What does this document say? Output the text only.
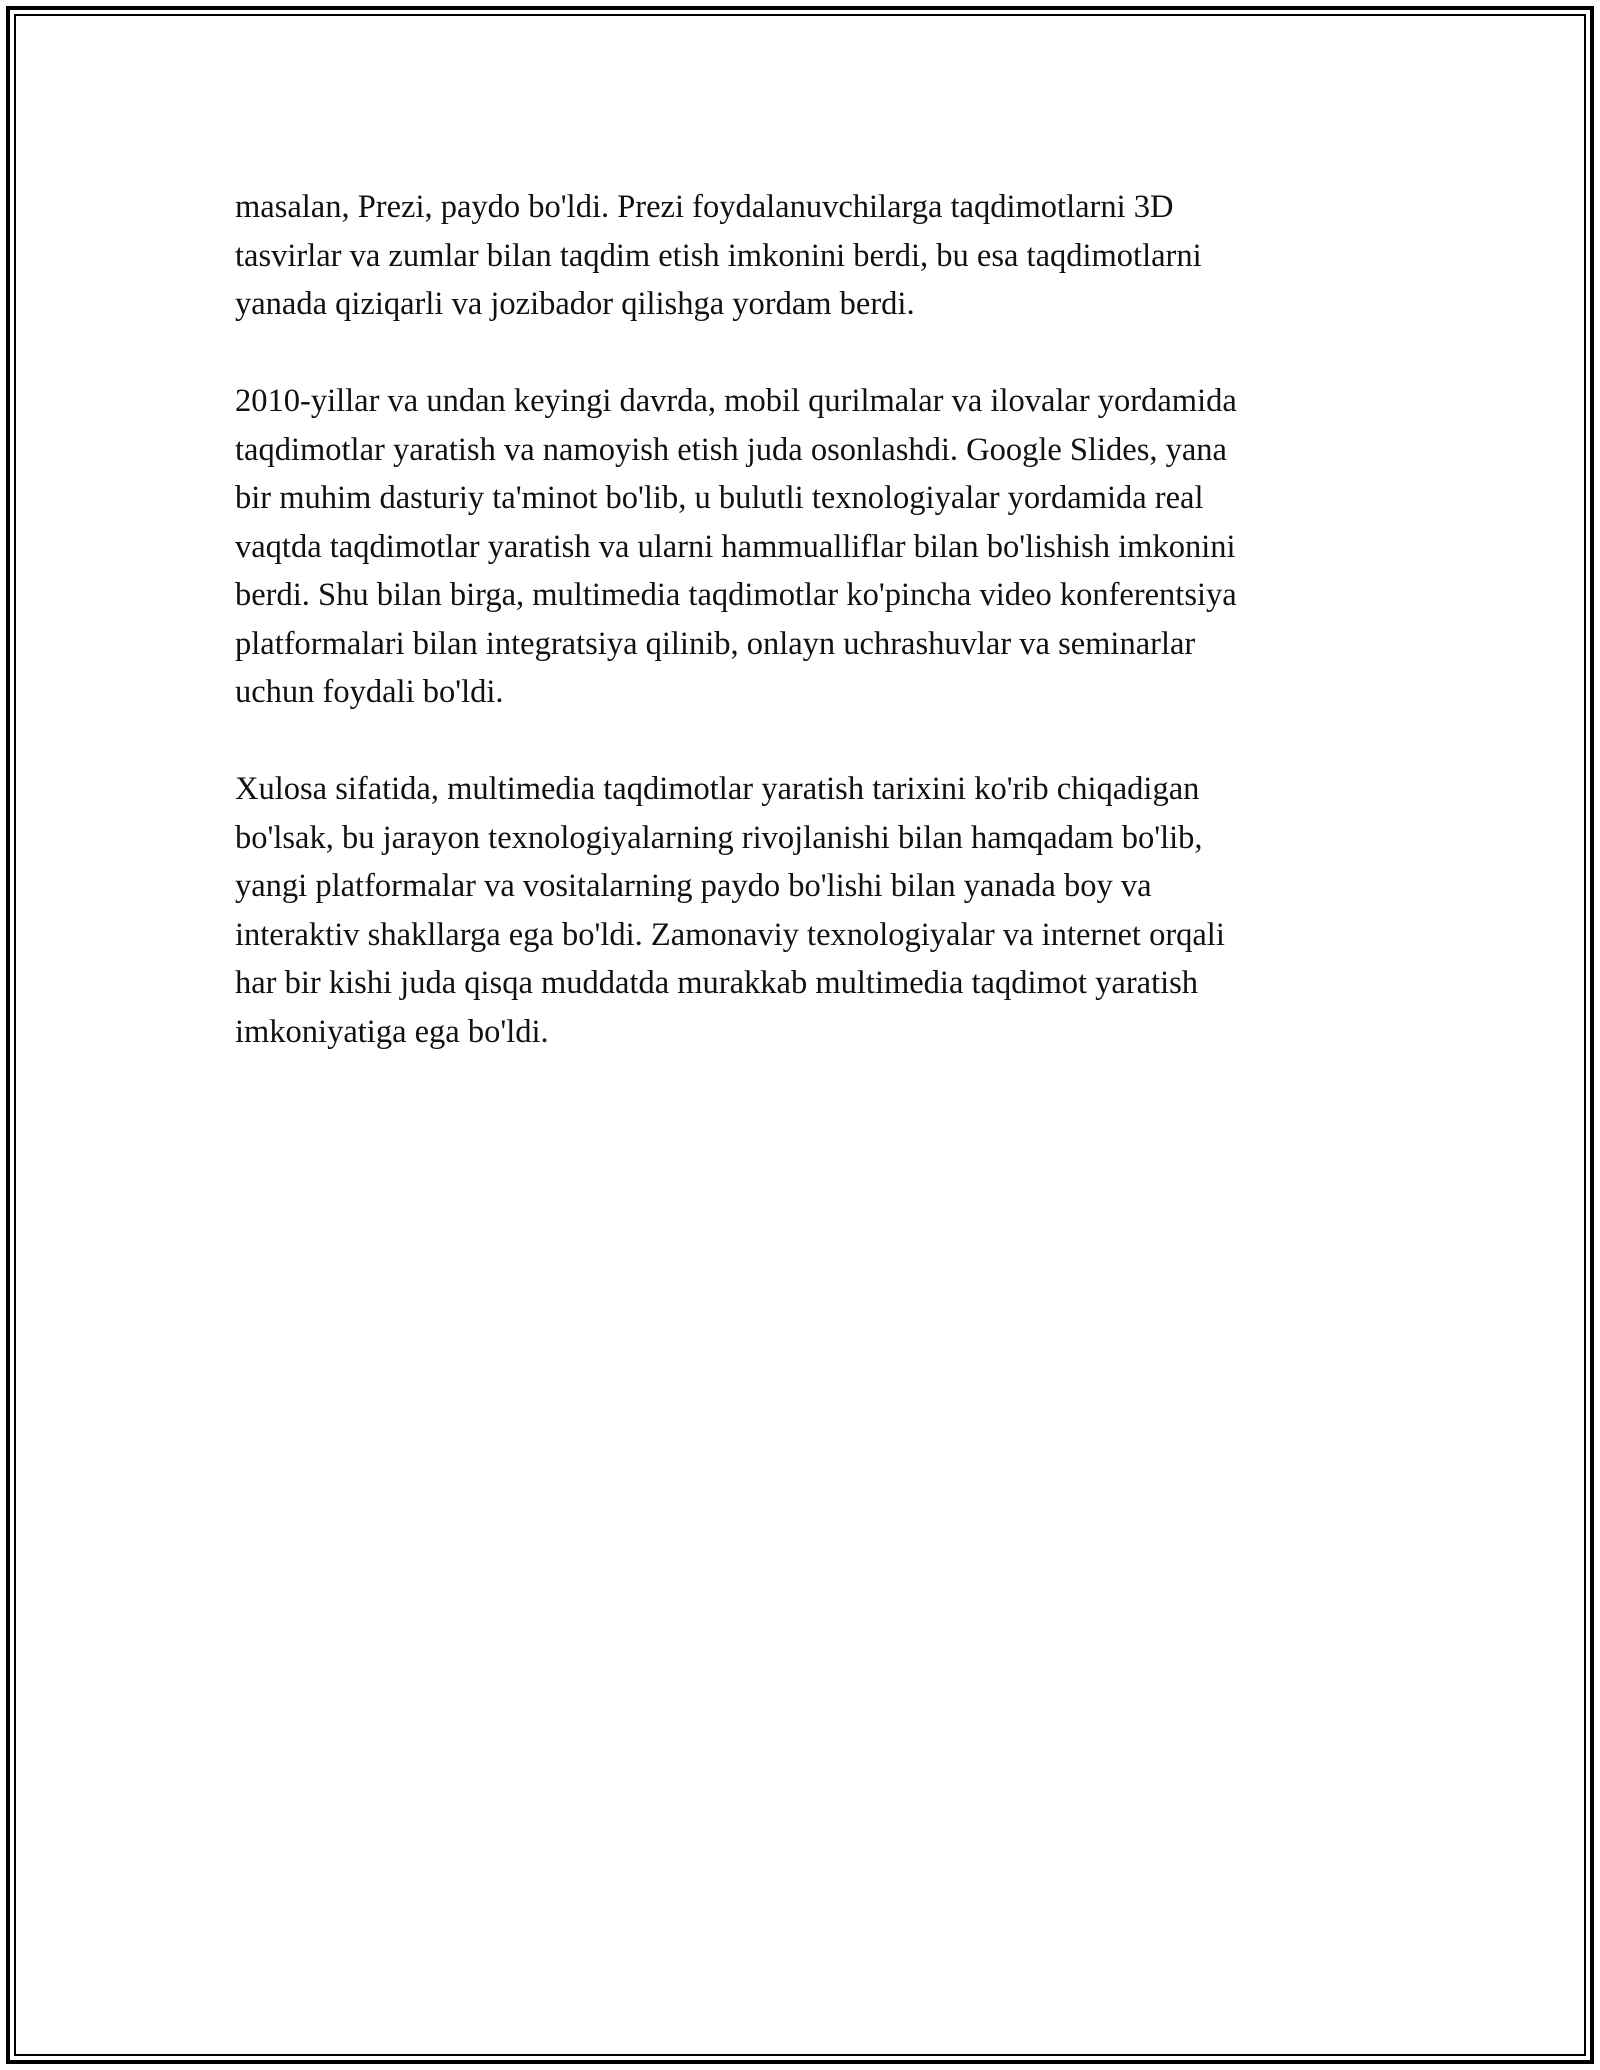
masalan, Prezi, paydo bo'ldi. Prezi foydalanuvchilarga taqdimotlarni 3D
tasvirlar va zumlar bilan taqdim etish imkonini berdi, bu esa taqdimotlarni
yanada qiziqarli va jozibador qilishga yordam berdi.

2010-yillar va undan keyingi davrda, mobil qurilmalar va ilovalar yordamida
taqdimotlar yaratish va namoyish etish juda osonlashdi. Google Slides, yana
bir muhim dasturiy ta'minot bo'lib, u bulutli texnologiyalar yordamida real
vaqtda taqdimotlar yaratish va ularni hammualliflar bilan bo'lishish imkonini
berdi. Shu bilan birga, multimedia taqdimotlar ko'pincha video konferentsiya
platformalari bilan integratsiya qilinib, onlayn uchrashuvlar va seminarlar
uchun foydali bo'ldi.

Xulosa sifatida, multimedia taqdimotlar yaratish tarixini ko'rib chiqadigan
bo'lsak, bu jarayon texnologiyalarning rivojlanishi bilan hamqadam bo'lib,
yangi platformalar va vositalarning paydo bo'lishi bilan yanada boy va
interaktiv shakllarga ega bo'ldi. Zamonaviy texnologiyalar va internet orqali
har bir kishi juda qisqa muddatda murakkab multimedia taqdimot yaratish
imkoniyatiga ega bo'ldi.
